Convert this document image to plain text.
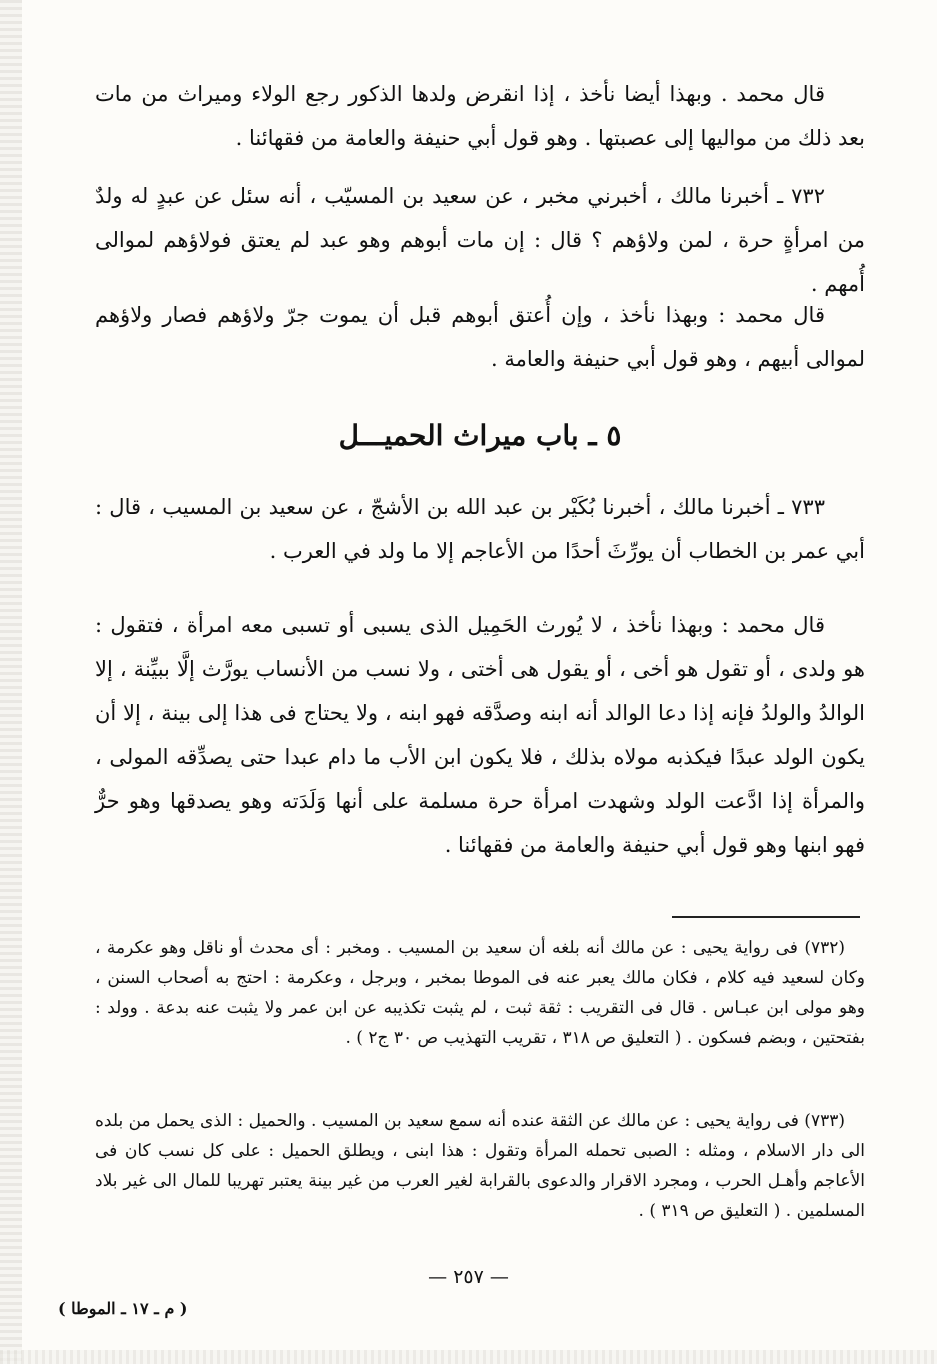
قال محمد . وبهذا أيضا نأخذ ، إذا انقرض ولدها الذكور رجع الولاء وميراث من مات بعد ذلك من مواليها إلى عصبتها . وهو قول أبي حنيفة والعامة من فقهائنا .

٧٣٢ ـ أخبرنا مالك ، أخبرني مخبر ، عن سعيد بن المسيّب ، أنه سئل عن عبدٍ له ولدٌ من امرأةٍ حرة ، لمن ولاؤهم ؟ قال : إن مات أبوهم وهو عبد لم يعتق فولاؤهم لموالى أُمهم .

قال محمد : وبهذا نأخذ ، وإن أُعتق أبوهم قبل أن يموت جرّ ولاؤهم فصار ولاؤهم لموالى أبيهم ، وهو قول أبي حنيفة والعامة .

٥ ـ باب ميراث الحميـــل

٧٣٣ ـ أخبرنا مالك ، أخبرنا بُكَيْر بن عبد الله بن الأشجّ ، عن سعيد بن المسيب ، قال : أبي عمر بن الخطاب أن يورِّثَ أحدًا من الأعاجم إلا ما ولد في العرب .

قال محمد : وبهذا نأخذ ، لا يُورث الحَمِيل الذى يسبى أو تسبى معه امرأة ، فتقول : هو ولدى ، أو تقول هو أخى ، أو يقول هى أختى ، ولا نسب من الأنساب يورَّث إلَّا ببيِّنة ، إلا الوالدُ والولدُ فإنه إذا دعا الوالد أنه ابنه وصدَّقه فهو ابنه ، ولا يحتاج فى هذا إلى بينة ، إلا أن يكون الولد عبدًا فيكذبه مولاه بذلك ، فلا يكون ابن الأب ما دام عبدا حتى يصدِّقه المولى ، والمرأة إذا ادَّعت الولد وشهدت امرأة حرة مسلمة على أنها وَلَدَته وهو يصدقها وهو حرٌّ فهو ابنها وهو قول أبي حنيفة والعامة من فقهائنا .

(٧٣٢) فى رواية يحيى : عن مالك أنه بلغه أن سعيد بن المسيب . ومخبر : أى محدث أو ناقل وهو عكرمة ، وكان لسعيد فيه كلام ، فكان مالك يعبر عنه فى الموطا بمخبر ، وبرجل ، وعكرمة : احتج به أصحاب السنن ، وهو مولى ابن عبـاس . قال فى التقريب : ثقة ثبت ، لم يثبت تكذيبه عن ابن عمر ولا يثبت عنه بدعة . وولد : بفتحتين ، وبضم فسكون . ( التعليق ص ٣١٨ ، تقريب التهذيب ص ٣٠ ج٢ ) .

(٧٣٣) فى رواية يحيى : عن مالك عن الثقة عنده أنه سمع سعيد بن المسيب . والحميل : الذى يحمل من بلده الى دار الاسلام ، ومثله : الصبى تحمله المرأة وتقول : هذا ابنى ، ويطلق الحميل : على كل نسب كان فى الأعاجم وأهـل الحرب ، ومجرد الاقرار والدعوى بالقرابة لغير العرب من غير بينة يعتبر تهريبا للمال الى غير بلاد المسلمين . ( التعليق ص ٣١٩ ) .

— ٢٥٧ —
( م ـ ١٧ ـ الموطا )
